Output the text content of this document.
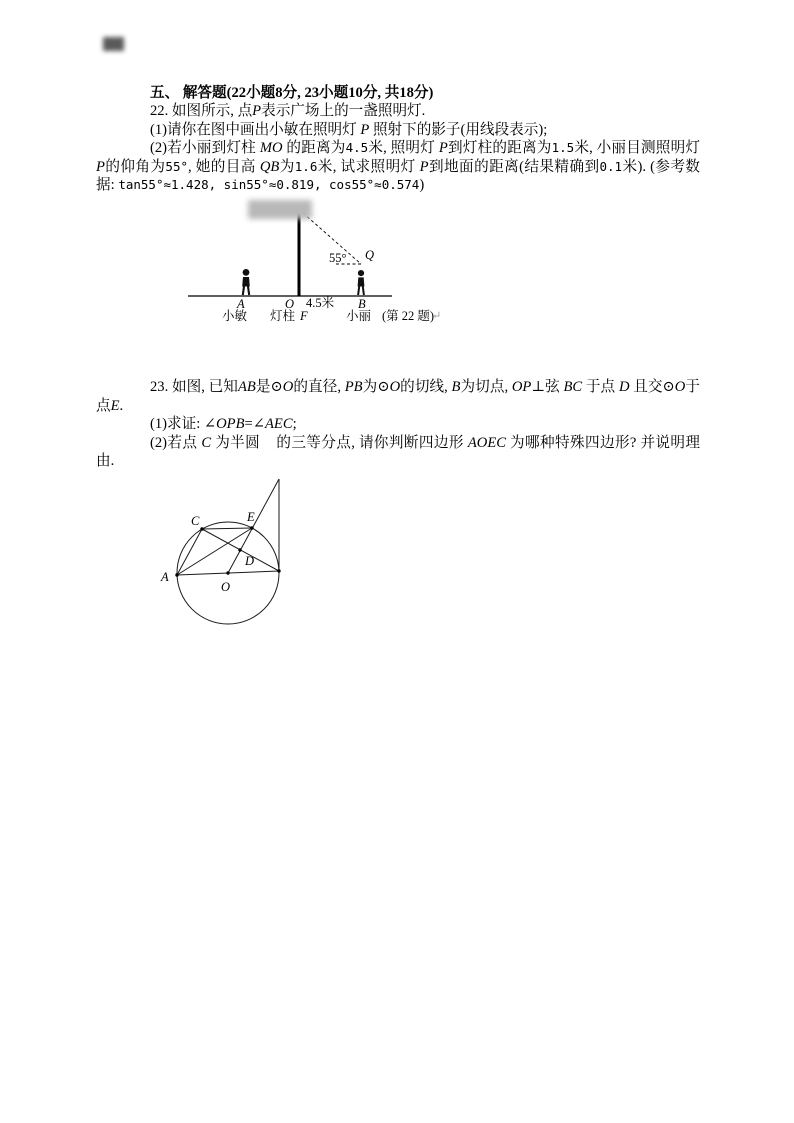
五、 解答题(22小题8分, 23小题10分, 共18分)

22. 如图所示, 点P表示广场上的一盏照明灯.

(1)请你在图中画出小敏在照明灯 P 照射下的影子(用线段表示);

(2)若小丽到灯柱 MO 的距离为4.5米, 照明灯 P到灯柱的距离为1.5米, 小丽目测照明灯 P的仰角为55°, 她的目高 QB为1.6米, 试求照明灯 P到地面的距离(结果精确到0.1米). (参考数据: tan55°≈1.428, sin55°≈0.819, cos55°≈0.574)

55° Q
A	O 4.5米 B
小敏 灯柱 F	小丽 (第 22 题)
↵

23. 如图, 已知AB是⊙O的直径, PB为⊙O的切线, B为切点, OP⊥弦 BC 于点 D 且交⊙O于点E.

(1)求证: ∠OPB=∠AEC;

(2)若点 C 为半圆 的三等分点, 请你判断四边形 AOEC 为哪种特殊四边形? 并说明理由.

A
C	E
D
O
